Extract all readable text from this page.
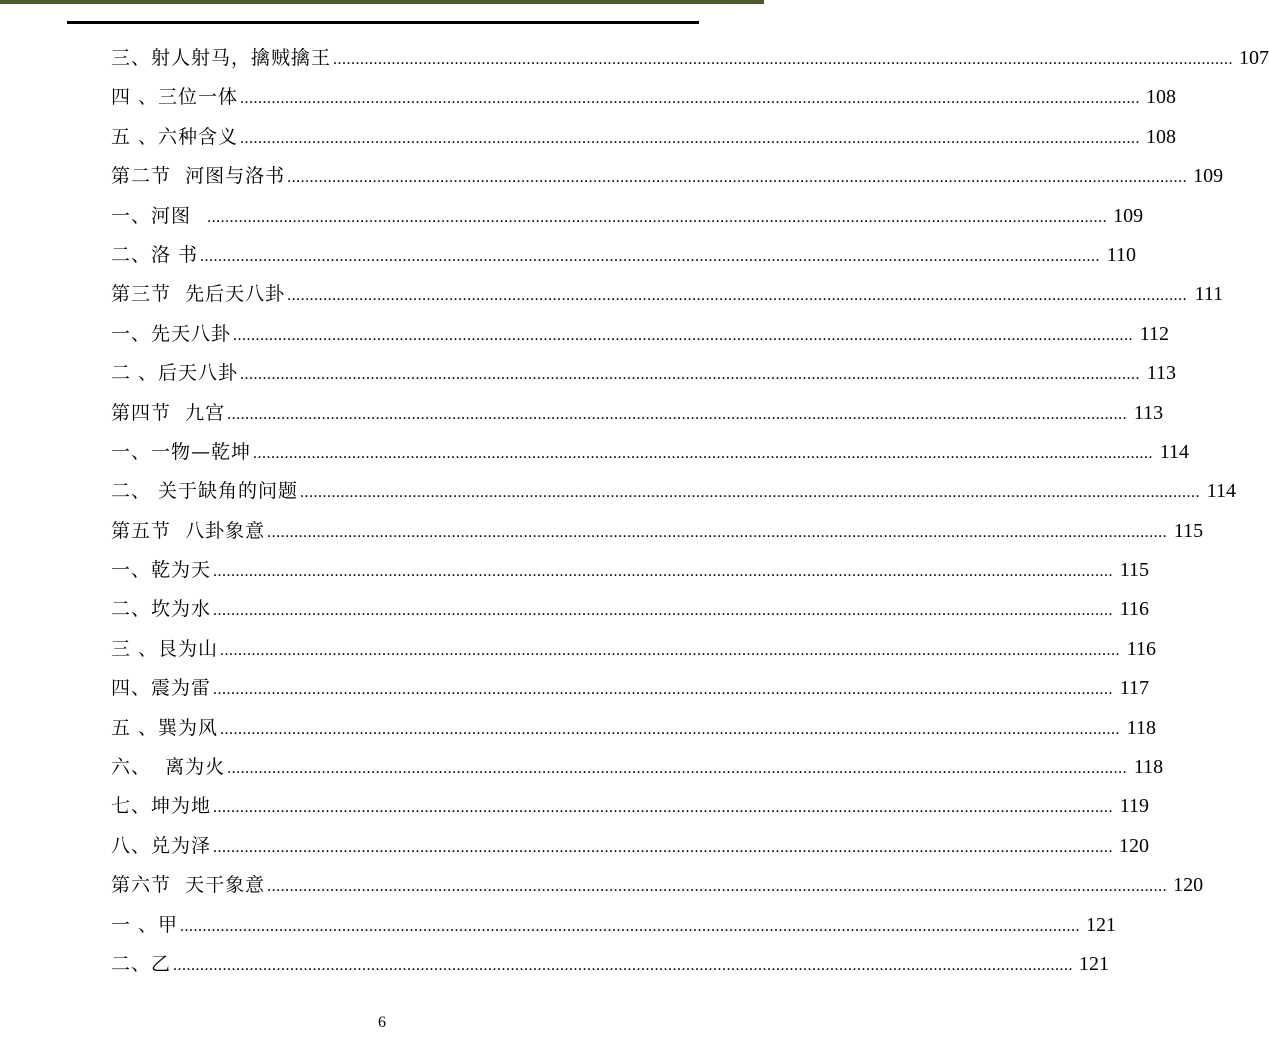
三、射人射马，擒贼擒王 ........................................................................................................................................................................................................ 107
四 、三位一体 ........................................................................................................................................................................................................ 108
五 、六种含义 ........................................................................................................................................................................................................ 108
第二节  河图与洛书 ........................................................................................................................................................................................................ 109
一、河图 ........................................................................................................................................................................................................ 109
二、洛 书 ........................................................................................................................................................................................................ 110
第三节  先后天八卦 ........................................................................................................................................................................................................ 111
一、先天八卦 ........................................................................................................................................................................................................ 112
二 、后天八卦 ........................................................................................................................................................................................................ 113
第四节  九宫 ........................................................................................................................................................................................................ 113
一、一物—乾坤 ........................................................................................................................................................................................................ 114
二、 关于缺角的问题 ........................................................................................................................................................................................................ 114
第五节  八卦象意 ........................................................................................................................................................................................................ 115
一、乾为天 ........................................................................................................................................................................................................ 115
二、坎为水 ........................................................................................................................................................................................................ 116
三 、艮为山 ........................................................................................................................................................................................................ 116
四、震为雷 ........................................................................................................................................................................................................ 117
五 、巽为风 ........................................................................................................................................................................................................ 118
六、  离为火 ........................................................................................................................................................................................................ 118
七、坤为地 ........................................................................................................................................................................................................ 119
八、兑为泽 ........................................................................................................................................................................................................ 120
第六节  天干象意 ........................................................................................................................................................................................................ 120
一 、甲 ........................................................................................................................................................................................................ 121
二、乙 ........................................................................................................................................................................................................ 121
6
